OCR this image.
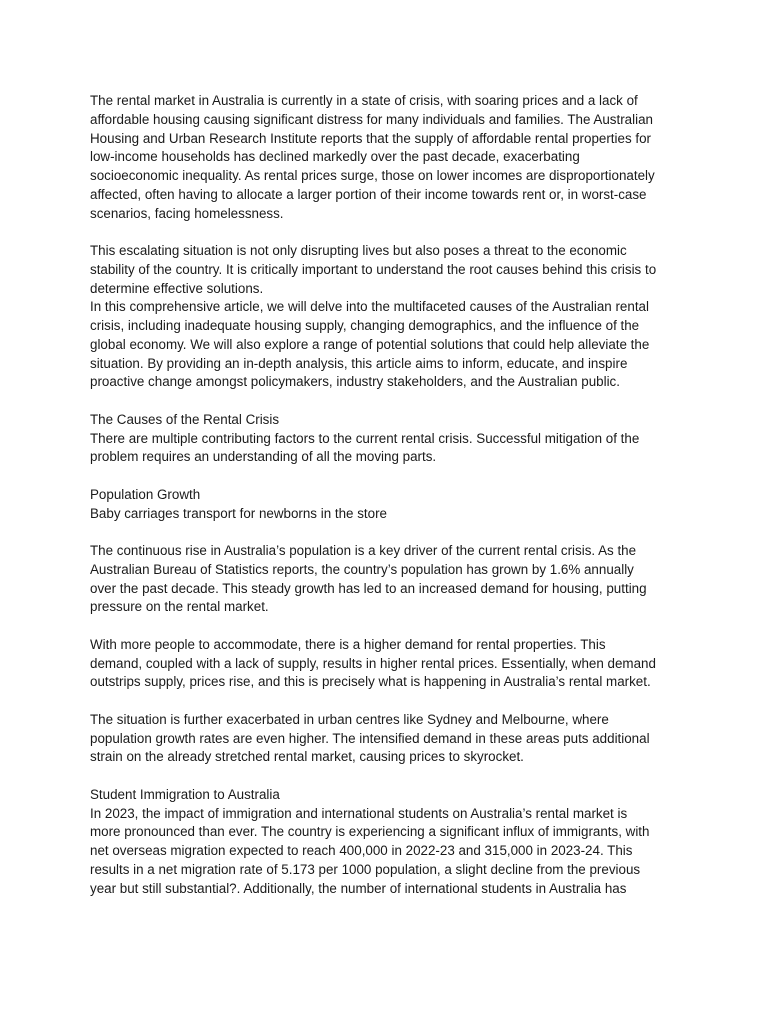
The rental market in Australia is currently in a state of crisis, with soaring prices and a lack of
affordable housing causing significant distress for many individuals and families. The Australian
Housing and Urban Research Institute reports that the supply of affordable rental properties for
low-income households has declined markedly over the past decade, exacerbating
socioeconomic inequality. As rental prices surge, those on lower incomes are disproportionately
affected, often having to allocate a larger portion of their income towards rent or, in worst-case
scenarios, facing homelessness.

This escalating situation is not only disrupting lives but also poses a threat to the economic
stability of the country. It is critically important to understand the root causes behind this crisis to
determine effective solutions.

In this comprehensive article, we will delve into the multifaceted causes of the Australian rental
crisis, including inadequate housing supply, changing demographics, and the influence of the
global economy. We will also explore a range of potential solutions that could help alleviate the
situation. By providing an in-depth analysis, this article aims to inform, educate, and inspire
proactive change amongst policymakers, industry stakeholders, and the Australian public.

The Causes of the Rental Crisis

There are multiple contributing factors to the current rental crisis. Successful mitigation of the
problem requires an understanding of all the moving parts.

Population Growth

Baby carriages transport for newborns in the store

The continuous rise in Australia’s population is a key driver of the current rental crisis. As the
Australian Bureau of Statistics reports, the country’s population has grown by 1.6% annually
over the past decade. This steady growth has led to an increased demand for housing, putting
pressure on the rental market.

With more people to accommodate, there is a higher demand for rental properties. This
demand, coupled with a lack of supply, results in higher rental prices. Essentially, when demand
outstrips supply, prices rise, and this is precisely what is happening in Australia’s rental market.

The situation is further exacerbated in urban centres like Sydney and Melbourne, where
population growth rates are even higher. The intensified demand in these areas puts additional
strain on the already stretched rental market, causing prices to skyrocket.

Student Immigration to Australia

In 2023, the impact of immigration and international students on Australia’s rental market is
more pronounced than ever. The country is experiencing a significant influx of immigrants, with
net overseas migration expected to reach 400,000 in 2022-23 and 315,000 in 2023-24. This
results in a net migration rate of 5.173 per 1000 population, a slight decline from the previous
year but still substantial?. Additionally, the number of international students in Australia has
